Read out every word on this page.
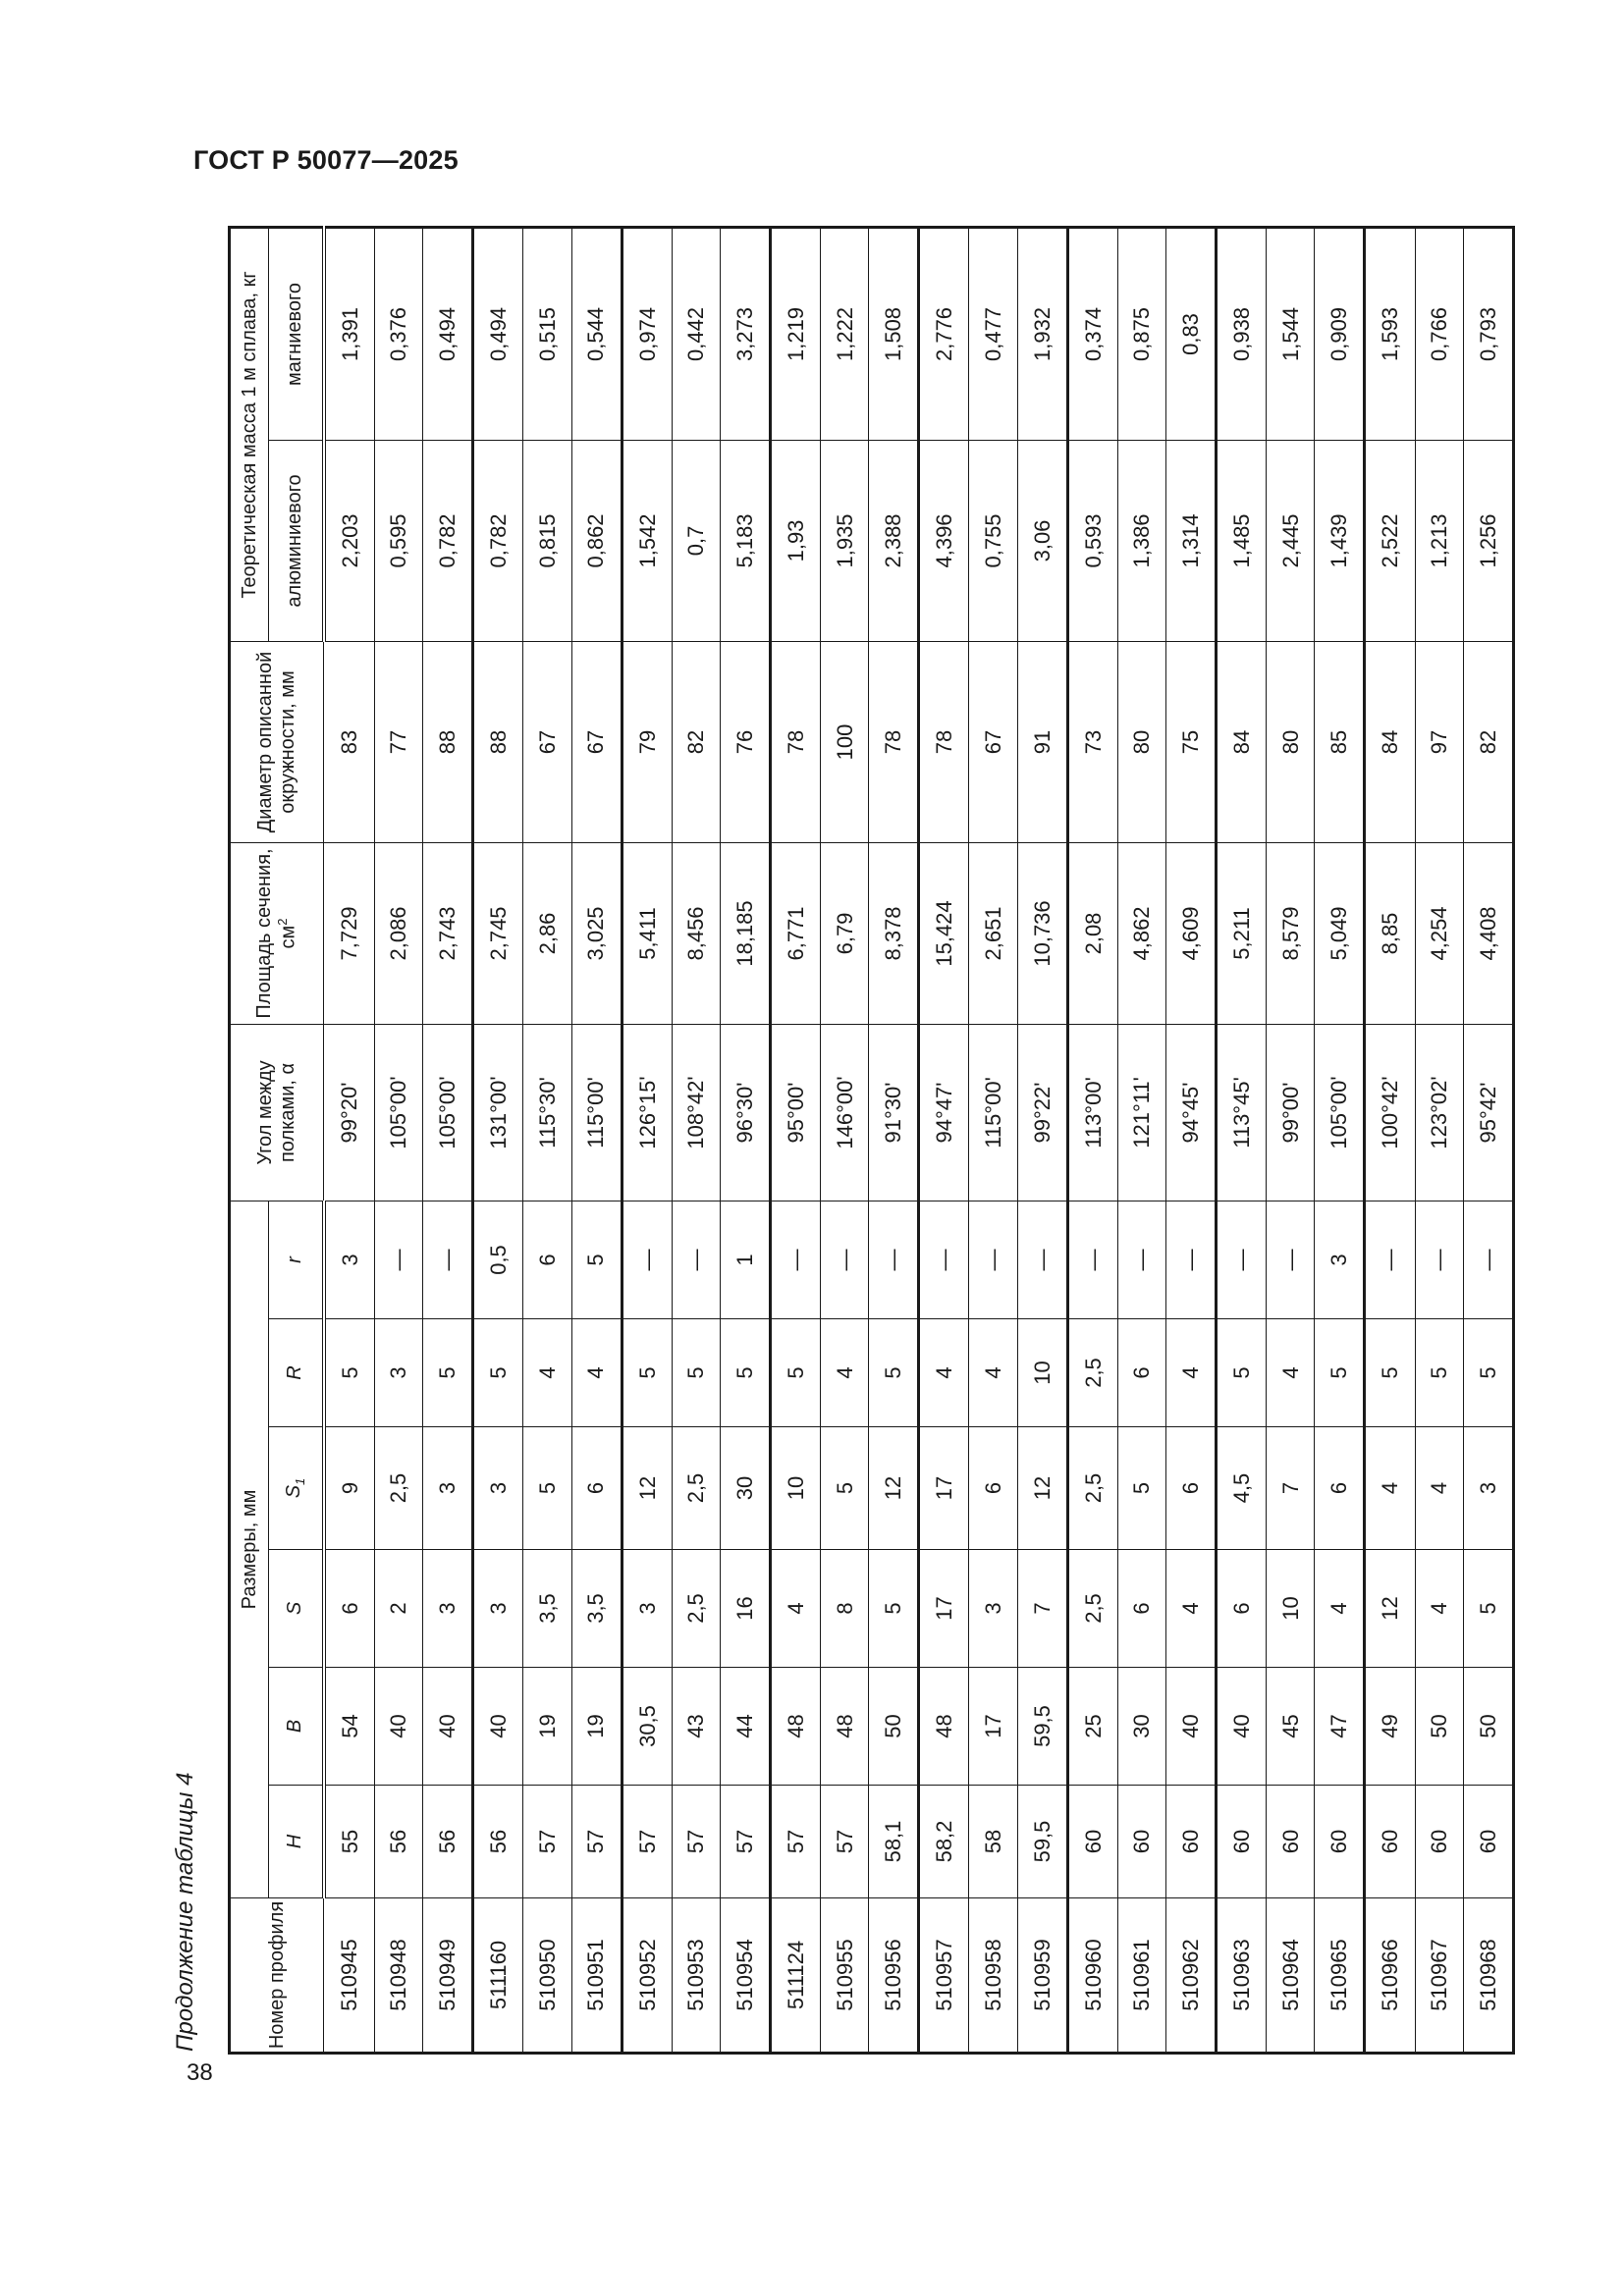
ГОСТ Р 50077—2025
Продолжение таблицы 4
38
Номер профиля	Размеры, мм						Угол между полками, α	Площадь сечения, $см^2$	Диаметр описанной окружности, мм	Теоретическая масса 1 м сплава, кг	
	H	B	S	$S_1$	R	r				алюминиевого	магниевого
510945	55	54	6	9	5	3	99°20'	7,729	83	2,203	1,391
510948	56	40	2	2,5	3	—	105°00'	2,086	77	0,595	0,376
510949	56	40	3	3	5	—	105°00'	2,743	88	0,782	0,494
511160	56	40	3	3	5	0,5	131°00'	2,745	88	0,782	0,494
510950	57	19	3,5	5	4	6	115°30'	2,86	67	0,815	0,515
510951	57	19	3,5	6	4	5	115°00'	3,025	67	0,862	0,544
510952	57	30,5	3	12	5	—	126°15'	5,411	79	1,542	0,974
510953	57	43	2,5	2,5	5	—	108°42'	8,456	82	0,7	0,442
510954	57	44	16	30	5	1	96°30'	18,185	76	5,183	3,273
511124	57	48	4	10	5	—	95°00'	6,771	78	1,93	1,219
510955	57	48	8	5	4	—	146°00'	6,79	100	1,935	1,222
510956	58,1	50	5	12	5	—	91°30'	8,378	78	2,388	1,508
510957	58,2	48	17	17	4	—	94°47'	15,424	78	4,396	2,776
510958	58	17	3	6	4	—	115°00'	2,651	67	0,755	0,477
510959	59,5	59,5	7	12	10	—	99°22'	10,736	91	3,06	1,932
510960	60	25	2,5	2,5	2,5	—	113°00'	2,08	73	0,593	0,374
510961	60	30	6	5	6	—	121°11'	4,862	80	1,386	0,875
510962	60	40	4	6	4	—	94°45'	4,609	75	1,314	0,83
510963	60	40	6	4,5	5	—	113°45'	5,211	84	1,485	0,938
510964	60	45	10	7	4	—	99°00'	8,579	80	2,445	1,544
510965	60	47	4	6	5	3	105°00'	5,049	85	1,439	0,909
510966	60	49	12	4	5	—	100°42'	8,85	84	2,522	1,593
510967	60	50	4	4	5	—	123°02'	4,254	97	1,213	0,766
510968	60	50	5	3	5	—	95°42'	4,408	82	1,256	0,793
